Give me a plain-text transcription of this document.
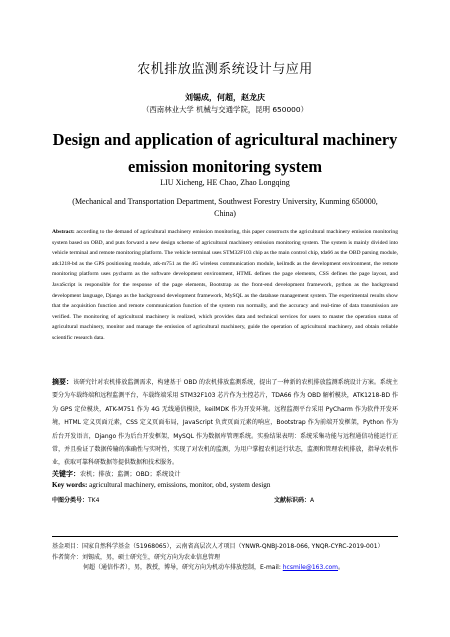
农机排放监测系统设计与应用
刘锡成，何超，赵龙庆
（西南林业大学 机械与交通学院，昆明 650000）
Design and application of agricultural machinery emission monitoring system
LIU Xicheng, HE Chao, Zhao Longqing
(Mechanical and Transportation Department, Southwest Forestry University, Kunming 650000, China)
Abstract: according to the demand of agricultural machinery emission monitoring, this paper constructs the agricultural machinery emission monitoring system based on OBD, and puts forward a new design scheme of agricultural machinery emission monitoring system. The system is mainly divided into vehicle terminal and remote monitoring platform. The vehicle terminal uses STM32F103 chip as the main control chip, tda66 as the OBD parsing module, atk1218-bd as the GPS positioning module, atk-m751 as the 4G wireless communication module, keilmdk as the development environment, the remote monitoring platform uses pycharm as the software development environment, HTML defines the page elements, CSS defines the page layout, and JavaScript is responsible for the response of the page elements, Bootstrap as the front-end development framework, python as the background development language, Django as the background development framework, MySQL as the database management system. The experimental results show that the acquisition function and remote communication function of the system run normally, and the accuracy and real-time of data transmission are verified. The monitoring of agricultural machinery is realized, which provides data and technical services for users to master the operation status of agricultural machinery, monitor and manage the emission of agricultural machinery, guide the operation of agricultural machinery, and obtain reliable scientific research data.
摘要：该研究针对农机排放监测需求，构建基于 OBD 的农机排放监测系统，提出了一种新的农机排放监测系统设计方案。系统主要分为车载终端和远程监测平台，车载终端采用 STM32F103 芯片作为主控芯片，TDA66 作为 OBD 解析模块，ATK1218-BD 作为 GPS 定位模块，ATK-M751 作为 4G 无线通信模块，keilMDK 作为开发环境。远程监测平台采用 PyCharm 作为软件开发环境，HTML 定义页面元素，CSS 定义页面布局，JavaScript 负责页面元素的响应，Bootstrap 作为前端开发框架，Python 作为后台开发语言，Django 作为后台开发框架，MySQL 作为数据库管理系统。实验结果表明：系统采集功能与远程通信功能运行正常，并且验证了数据传输的准确性与实时性，实现了对农机的监测，为用户掌握农机运行状态，监测和管理农机排放，指导农机作业，获取可靠科研数据等提供数据和技术服务。
关键字：农机；排放；监测；OBD；系统设计
Key words: agricultural machinery, emissions, monitor, obd, system design
中图分类号：TK4	文献标识码：A
基金项目：国家自然科学基金（51968065），云南省高层次人才项目（YNWR-QNBJ-2018-066, YNQR-CYRC-2019-001）
作者简介：刘锡成，男，硕士研究生，研究方向为农业信息管理
何超（通信作者），男，教授，博导，研究方向为机动车排放控制，E-mail: hcsmile@163.com。
